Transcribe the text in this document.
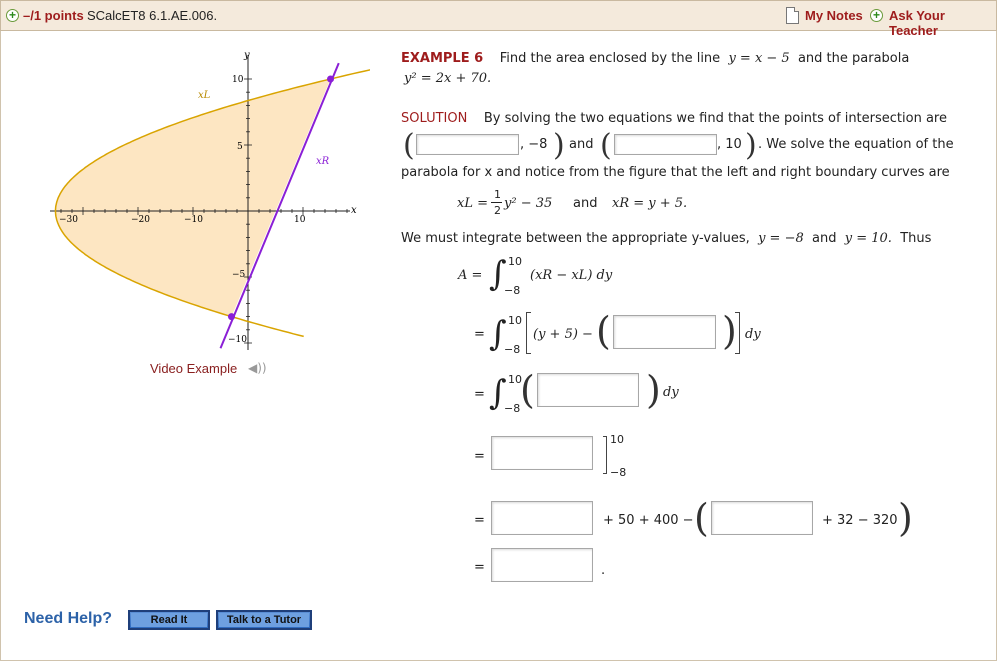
+ –/1 points SCalcET8 6.1.AE.006.	My Notes + Ask Your Teacher
y
x
−30	−20	−10	10
10
5
−5
−10
xL
xR
Video Example ◀))
EXAMPLE 6 Find the area enclosed by the line y = x − 5 and the parabola
y² = 2x + 70.
SOLUTION By solving the two equations we find that the points of intersection are
(	, −8 ) and (	, 10 ) . We solve the equation of the
parabola for x and notice from the figure that the left and right boundary curves are
xL =
1
2 y² − 35 and xR = y + 5.
We must integrate between the appropriate y-values, y = −8 and y = 10. Thus
A = ∫ 10
−8
(xR − xL) dy
= ∫ 10
−8
(y + 5) − (	) dy
= ∫ 10
−8 (	) dy
=
10
−8
=	+ 50 + 400 − (	+ 32 − 320 )
=	.
Need Help?	Read It	Talk to a Tutor
